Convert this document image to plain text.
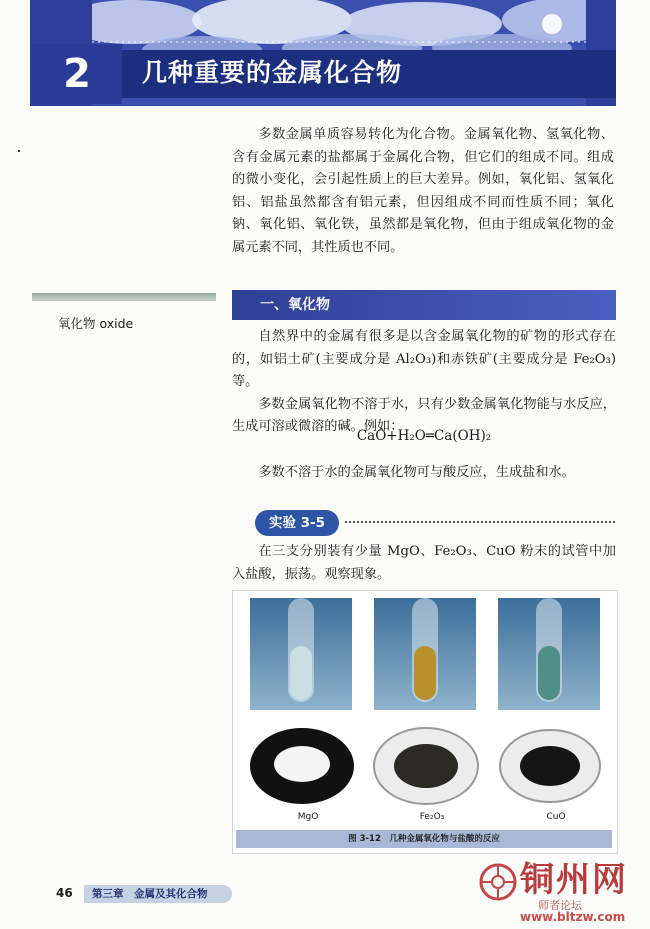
2	几种重要的金属化合物

多数金属单质容易转化为化合物。金属氧化物、氢氧化物、含有金属元素的盐都属于金属化合物，但它们的组成不同。组成的微小变化，会引起性质上的巨大差异。例如，氧化铝、氢氧化铝、铝盐虽然都含有铝元素，但因组成不同而性质不同；氧化钠、氧化铝、氧化铁，虽然都是氧化物，但由于组成氧化物的金属元素不同，其性质也不同。

氧化物 oxide
一、氧化物

自然界中的金属有很多是以含金属氧化物的矿物的形式存在的，如铝土矿(主要成分是 Al₂O₃)和赤铁矿(主要成分是 Fe₂O₃)等。

多数金属氧化物不溶于水，只有少数金属氧化物能与水反应，生成可溶或微溶的碱。例如：

CaO+H₂O═Ca(OH)₂

多数不溶于水的金属氧化物可与酸反应，生成盐和水。

实验 3-5

在三支分别装有少量 MgO、Fe₂O₃、CuO 粉末的试管中加入盐酸，振荡。观察现象。

MgO	Fe₂O₃	CuO
图 3-12　几种金属氧化物与盐酸的反应
46 第三章　金属及其化合物	铜州网
师者论坛
www.bltzw.com
